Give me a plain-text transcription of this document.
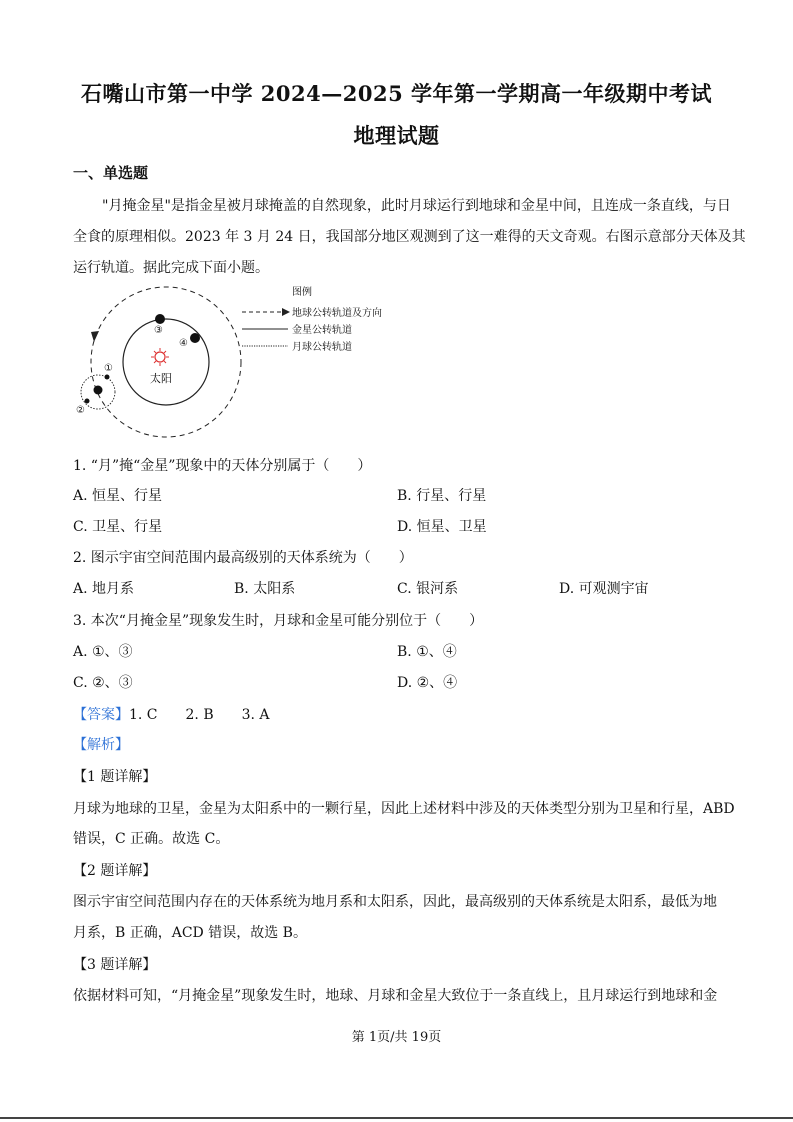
石嘴山市第一中学 2024—2025 学年第一学期高一年级期中考试
地理试题
一、单选题
"月掩金星"是指金星被月球掩盖的自然现象，此时月球运行到地球和金星中间，且连成一条直线，与日
全食的原理相似。2023 年 3 月 24 日，我国部分地区观测到了这一难得的天文奇观。右图示意部分天体及其
运行轨道。据此完成下面小题。
太阳
③
④
①
②
图例
地球公转轨道及方向
金星公转轨道
月球公转轨道
1. “月”掩“金星”现象中的天体分别属于（　　）
A. 恒星、行星	B. 行星、行星
C. 卫星、行星	D. 恒星、卫星
2. 图示宇宙空间范围内最高级别的天体系统为（　　）
A. 地月系	B. 太阳系	C. 银河系	D. 可观测宇宙
3. 本次“月掩金星”现象发生时，月球和金星可能分别位于（　　）
A. ①、③	B. ①、④
C. ②、③	D. ②、④
【答案】1. C　　2. B　　3. A
【解析】
【1 题详解】
月球为地球的卫星，金星为太阳系中的一颗行星，因此上述材料中涉及的天体类型分别为卫星和行星，ABD
错误，C 正确。故选 C。
【2 题详解】
图示宇宙空间范围内存在的天体系统为地月系和太阳系，因此，最高级别的天体系统是太阳系，最低为地
月系，B 正确，ACD 错误，故选 B。
【3 题详解】
依据材料可知，“月掩金星”现象发生时，地球、月球和金星大致位于一条直线上，且月球运行到地球和金
第 1页/共 19页
